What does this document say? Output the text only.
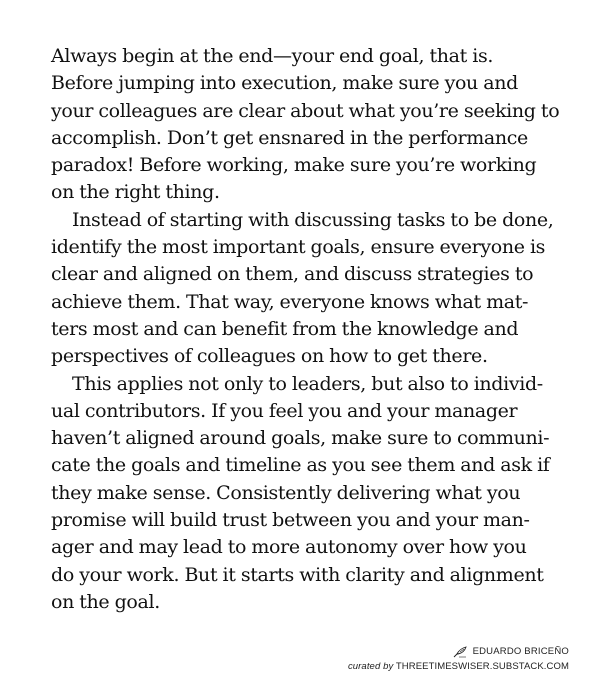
Always begin at the end—your end goal, that is.
Before jumping into execution, make sure you and
your colleagues are clear about what you’re seeking to
accomplish. Don’t get ensnared in the performance
paradox! Before working, make sure you’re working
on the right thing.
Instead of starting with discussing tasks to be done,
identify the most important goals, ensure everyone is
clear and aligned on them, and discuss strategies to
achieve them. That way, everyone knows what mat-
ters most and can benefit from the knowledge and
perspectives of colleagues on how to get there.
This applies not only to leaders, but also to individ-
ual contributors. If you feel you and your manager
haven’t aligned around goals, make sure to communi-
cate the goals and timeline as you see them and ask if
they make sense. Consistently delivering what you
promise will build trust between you and your man-
ager and may lead to more autonomy over how you
do your work. But it starts with clarity and alignment
on the goal.
EDUARDO BRICEÑO
curated by THREETIMESWISER.SUBSTACK.COM
